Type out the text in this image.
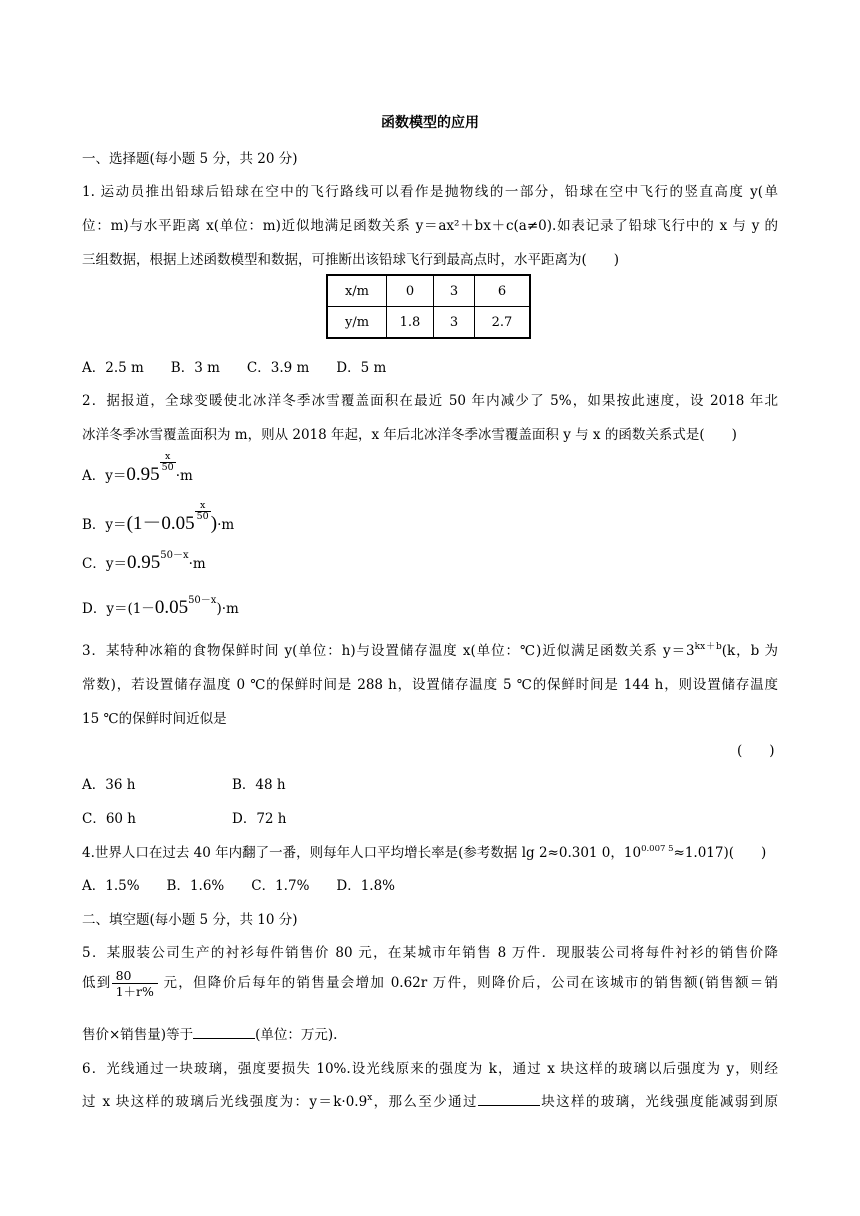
函数模型的应用
一、选择题(每小题 5 分，共 20 分)
1. 运动员推出铅球后铅球在空中的飞行路线可以看作是抛物线的一部分，铅球在空中飞行的竖直高度 y(单
位：m)与水平距离 x(单位：m)近似地满足函数关系 y＝ax²＋bx＋c(a≠0).如表记录了铅球飞行中的 x 与 y 的
三组数据，根据上述函数模型和数据，可推断出该铅球飞行到最高点时，水平距离为(　　)
x/m	0	3	6
y/m	1.8	3	2.7
A．2.5 m　　B．3 m　　C．3.9 m　　D．5 m
2．据报道，全球变暖使北冰洋冬季冰雪覆盖面积在最近 50 年内减少了 5%，如果按此速度，设 2018 年北
冰洋冬季冰雪覆盖面积为 m，则从 2018 年起，x 年后北冰洋冬季冰雪覆盖面积 y 与 x 的函数关系式是(　　)
A．y＝0.95
$\frac{x}{50}$
·m
B．y＝(1－0.05
$\frac{x}{50}$
)·m
C．$y=0.95^{50-x}\cdot m$
D．$y=(1-0.05^{50-x})\cdot m$
3．某特种冰箱的食物保鲜时间 y(单位：h)与设置储存温度 x(单位：℃)近似满足函数关系 $y=3^{kx+b}(k$，b 为
常数)，若设置储存温度 0 ℃的保鲜时间是 288 h，设置储存温度 5 ℃的保鲜时间是 144 h，则设置储存温度
15 ℃的保鲜时间近似是
(　　)
A．36 h	B．48 h
C．60 h	D．72 h
4.世界人口在过去 40 年内翻了一番，则每年人口平均增长率是(参考数据 lg 2≈0.301 0，$10^{0.007 5}\approx 1.017$)(　　)
A．1.5%　　B．1.6%　　C．1.7%　　D．1.8%
二、填空题(每小题 5 分，共 10 分)
5．某服装公司生产的衬衫每件销售价 80 元，在某城市年销售 8 万件．现服装公司将每件衬衫的销售价降
低到 $\frac{80}{1+r\%}$ 元，但降价后每年的销售量会增加 0.62r 万件，则降价后，公司在该城市的销售额(销售额＝销
售价×销售量)等于	(单位：万元).
6．光线通过一块玻璃，强度要损失 10%.设光线原来的强度为 k，通过 x 块这样的玻璃以后强度为 y，则经
过 x 块这样的玻璃后光线强度为：$y=k\cdot 0.9^x$，那么至少通过	块这样的玻璃，光线强度能减弱到原
